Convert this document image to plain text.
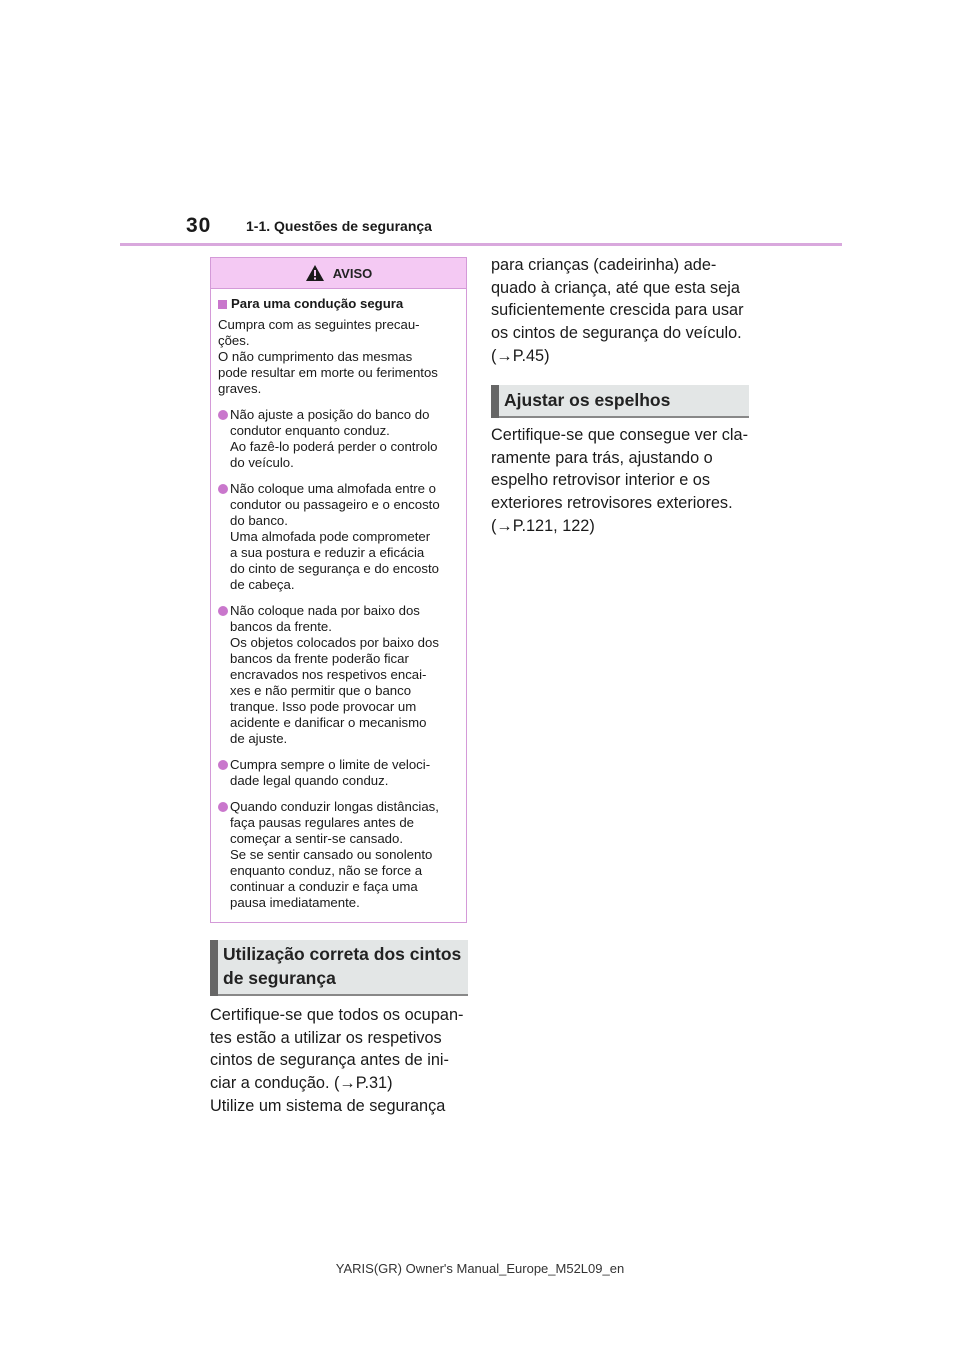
30 1-1. Questões de segurança
AVISO
Para uma condução segura
Cumpra com as seguintes precau-
ções.
O não cumprimento das mesmas
pode resultar em morte ou ferimentos
graves.
Não ajuste a posição do banco do
condutor enquanto conduz.
Ao fazê-lo poderá perder o controlo
do veículo.
Não coloque uma almofada entre o
condutor ou passageiro e o encosto
do banco.
Uma almofada pode comprometer
a sua postura e reduzir a eficácia
do cinto de segurança e do encosto
de cabeça.
Não coloque nada por baixo dos
bancos da frente.
Os objetos colocados por baixo dos
bancos da frente poderão ficar
encravados nos respetivos encai-
xes e não permitir que o banco
tranque. Isso pode provocar um
acidente e danificar o mecanismo
de ajuste.
Cumpra sempre o limite de veloci-
dade legal quando conduz.
Quando conduzir longas distâncias,
faça pausas regulares antes de
começar a sentir-se cansado.
Se se sentir cansado ou sonolento
enquanto conduz, não se force a
continuar a conduzir e faça uma
pausa imediatamente.
Utilização correta dos cintos
de segurança
Certifique-se que todos os ocupan-
tes estão a utilizar os respetivos
cintos de segurança antes de ini-
ciar a condução. (→P.31)
Utilize um sistema de segurança
para crianças (cadeirinha) ade-
quado à criança, até que esta seja
suficientemente crescida para usar
os cintos de segurança do veículo.
(→P.45)
Ajustar os espelhos
Certifique-se que consegue ver cla-
ramente para trás, ajustando o
espelho retrovisor interior e os
exteriores retrovisores exteriores.
(→P.121, 122)
YARIS(GR) Owner's Manual_Europe_M52L09_en
